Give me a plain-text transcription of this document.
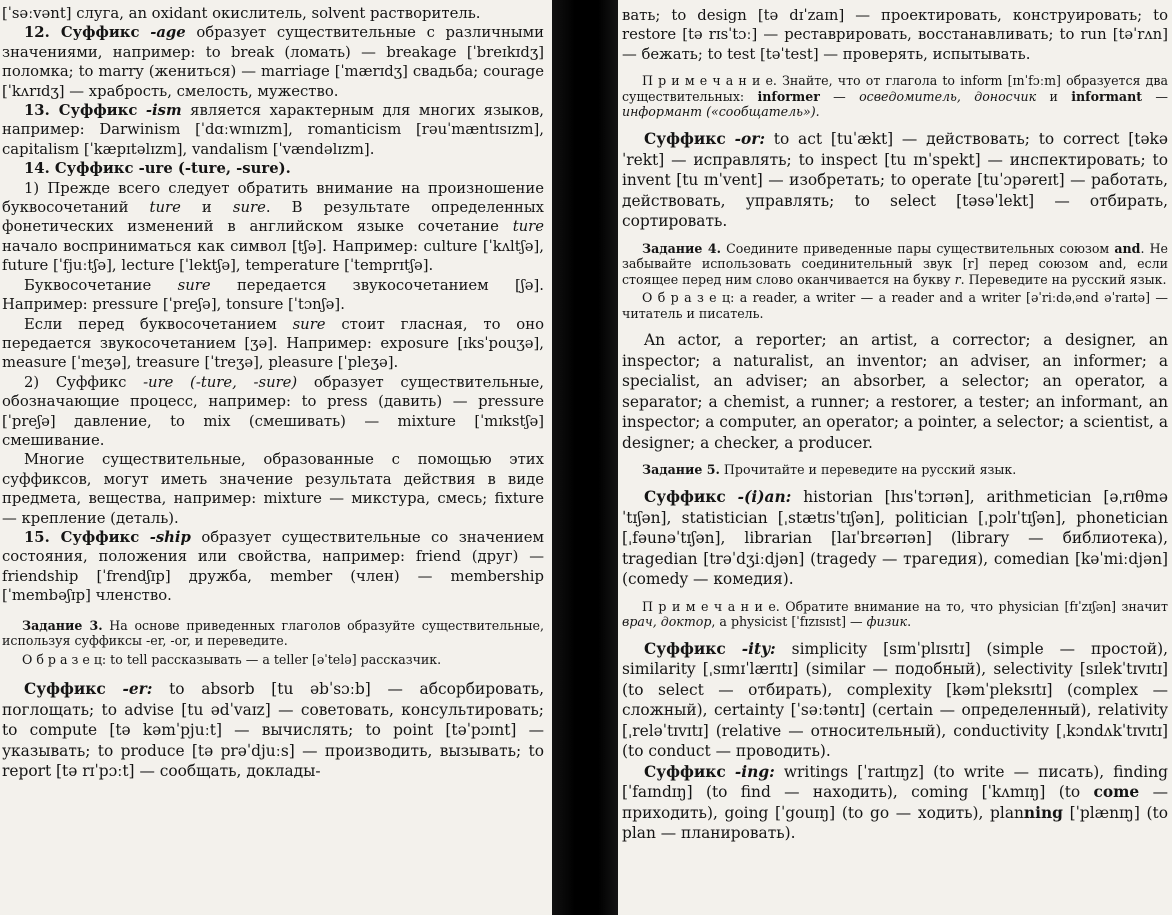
[ˈsəːvənt] слуга, an oxidant окислитель, solvent растворитель.

12. Суффикс -age образует существительные с различными значениями, например: to break (ломать) — breakage [ˈbreɪkɪdʒ] поломка; to marry (жениться) — marriage [ˈmærɪdʒ] свадьба; courage [ˈkʌrɪdʒ] — храбрость, смелость, мужество.

13. Суффикс -ism является характерным для многих языков, например: Darwinism [ˈdɑːwɪnɪzm], romanticism [rəuˈmæntɪsɪzm], capitalism [ˈkæpɪtəlɪzm], vandalism [ˈvændəlɪzm].

14. Суффикс -ure (-ture, -sure).

1) Прежде всего следует обратить внимание на произношение буквосочетаний ture и sure. В результате определенных фонетических изменений в английском языке сочетание ture начало восприниматься как символ [tʃə]. Например: culture [ˈkʌltʃə], future [ˈfjuːtʃə], lecture [ˈlektʃə], temperature [ˈtemprɪtʃə].

Буквосочетание sure передается звукосочетанием [ʃə]. Например: pressure [ˈpreʃə], tonsure [ˈtɔnʃə].

Если перед буквосочетанием sure стоит гласная, то оно передается звукосочетанием [ʒə]. Например: exposure [ɪksˈpouʒə], measure [ˈmeʒə], treasure [ˈtreʒə], pleasure [ˈpleʒə].

2) Суффикс -ure (-ture, -sure) образует существительные, обозначающие процесс, например: to press (давить) — pressure [ˈpreʃə] давление, to mix (смешивать) — mixture [ˈmɪkstʃə] смешивание.

Многие существительные, образованные с помощью этих суффиксов, могут иметь значение результата действия в виде предмета, вещества, например: mixture — микстура, смесь; fixture — крепление (деталь).

15. Суффикс -ship образует существительные со значением состояния, положения или свойства, например: friend (друг) — friendship [ˈfrendʃɪp] дружба, member (член) — membership [ˈmembəʃɪp] членство.

Задание 3. На основе приведенных глаголов образуйте существительные, используя суффиксы -er, -or, и переведите.

О б р а з е ц: to tell рассказывать — a teller [əˈtelə] рассказчик.

Суффикс -er: to absorb [tu əbˈsɔːb] — абсорбировать, поглощать; to advise [tu ədˈvaɪz] — советовать, консультировать; to compute [tə kəmˈpjuːt] — вычислять; to point [təˈpɔɪnt] — указывать; to produce [tə prəˈdjuːs] — производить, вызывать; to report [tə rɪˈpɔːt] — сообщать, доклады-

вать; to design [tə dɪˈzaɪn] — проектировать, конструировать; to restore [tə rɪsˈtɔː] — реставрировать, восстанавливать; to run [təˈrʌn] — бежать; to test [təˈtest] — проверять, испытывать.

П р и м е ч а н и е. Знайте, что от глагола to inform [ɪnˈfɔːm] образуется два существительных: informer — осведомитель, доносчик и informant — информант («сообщатель»).

Суффикс -or: to act [tuˈækt] — действовать; to correct [təkəˈrekt] — исправлять; to inspect [tu ɪnˈspekt] — инспектировать; to invent [tu ɪnˈvent] — изобретать; to operate [tuˈɔpəreɪt] — работать, действовать, управлять; to select [təsəˈlekt] — отбирать, сортировать.

Задание 4. Соедините приведенные пары существительных союзом and. Не забывайте использовать соединительный звук [r] перед союзом and, если стоящее перед ним слово оканчивается на букву r. Переведите на русский язык.

О б р а з е ц: a reader, a writer — a reader and a writer [əˈriːdəˌənd əˈraɪtə] — читатель и писатель.

An actor, a reporter; an artist, a corrector; a designer, an inspector; a naturalist, an inventor; an adviser, an informer; a specialist, an adviser; an absorber, a selector; an operator, a separator; a chemist, a runner; a restorer, a tester; an informant, an inspector; a computer, an operator; a pointer, a selector; a scientist, a designer; a checker, a producer.

Задание 5. Прочитайте и переведите на русский язык.

Суффикс -(i)an: historian [hɪsˈtɔrɪən], arithmetician [əˌrɪθməˈtɪʃən], statistician [ˌstætɪsˈtɪʃən], politician [ˌpɔlɪˈtɪʃən], phonetician [ˌfəunəˈtɪʃən], librarian [laɪˈbrɛərɪən] (library — библиотека), tragedian [trəˈdʒiːdjən] (tragedy — трагедия), comedian [kəˈmiːdjən] (comedy — комедия).

П р и м е ч а н и е. Обратите внимание на то, что physician [fɪˈzɪʃən] значит врач, доктор, а physicist [ˈfɪzɪsɪst] — физик.

Суффикс -ity: simplicity [sɪmˈplɪsɪtɪ] (simple — простой), similarity [ˌsɪmɪˈlærɪtɪ] (similar — подобный), selectivity [sɪlekˈtɪvɪtɪ] (to select — отбирать), complexity [kəmˈpleksɪtɪ] (complex — сложный), certainty [ˈsəːtəntɪ] (certain — определенный), relativity [ˌreləˈtɪvɪtɪ] (relative — относительный), conductivity [ˌkɔndʌkˈtɪvɪtɪ] (to conduct — проводить).

Суффикс -ing: writings [ˈraɪtɪŋz] (to write — писать), finding [ˈfaɪndɪŋ] (to find — находить), coming [ˈkʌmɪŋ] (to come — приходить), going [ˈgouɪŋ] (to go — ходить), planning [ˈplænɪŋ] (to plan — планировать).
